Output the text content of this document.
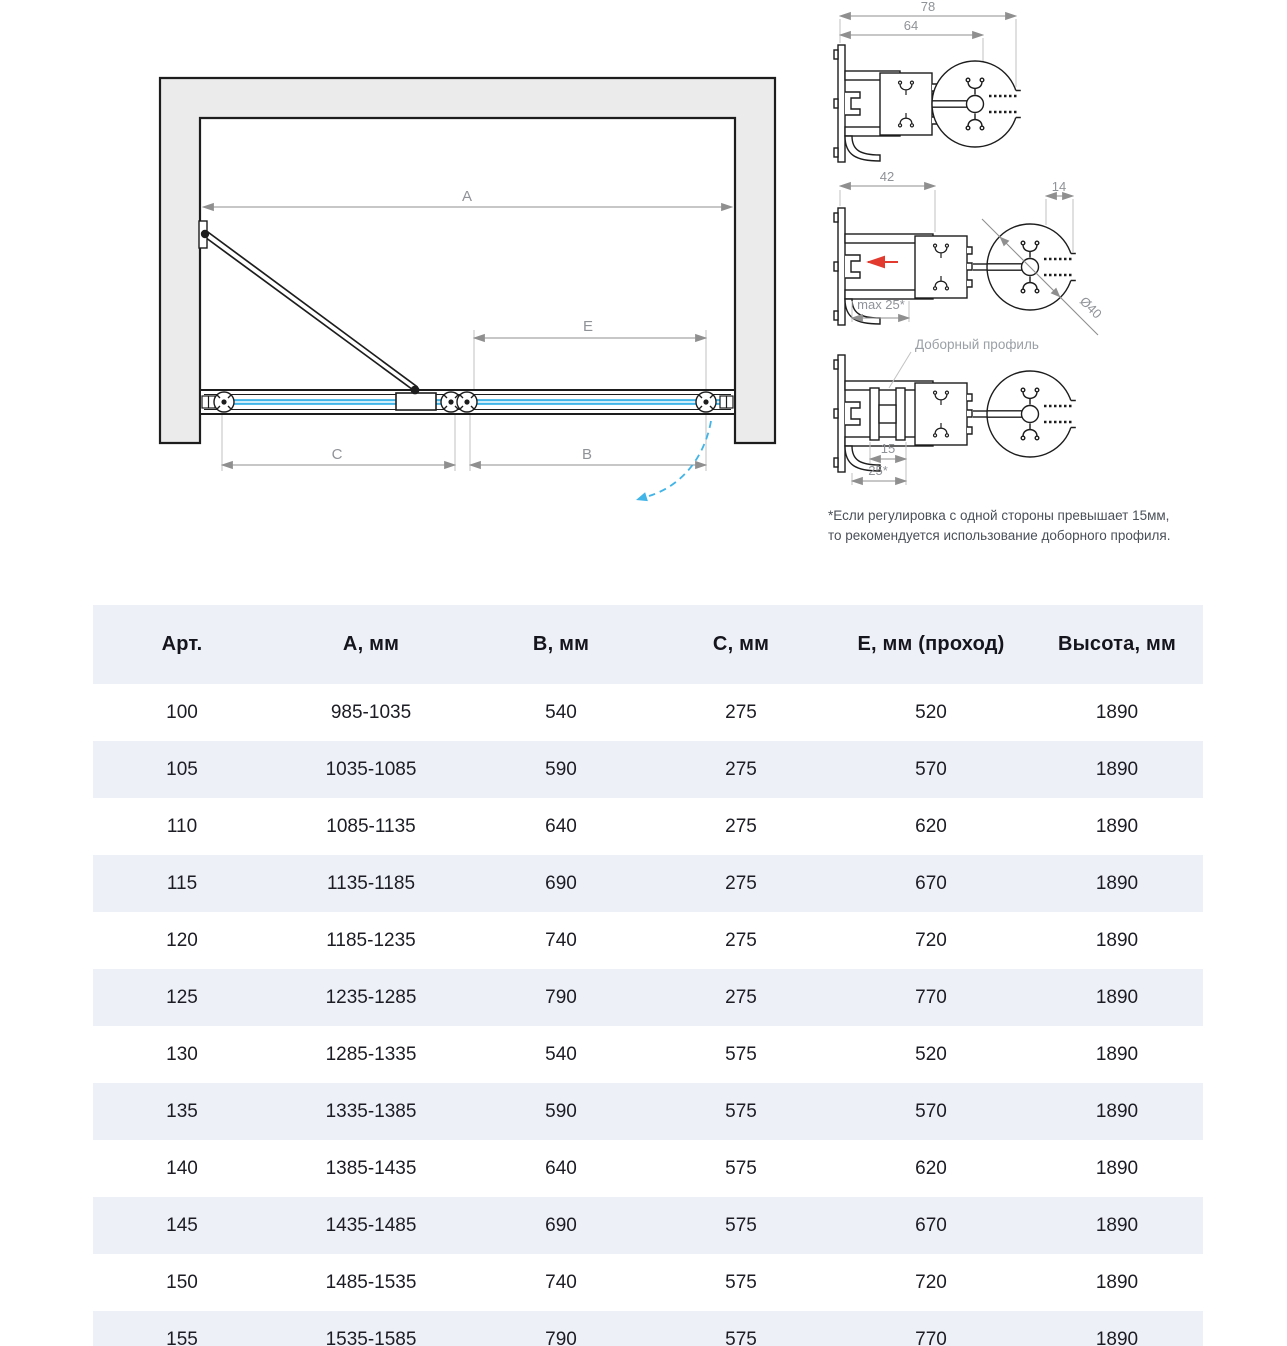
A
E
C	B
78
64
42
14
max 25*	Ø40
Доборный профиль
15
25*
*Если регулировка с одной стороны превышает 15мм,
то рекомендуется использование доборного профиля.
Арт.	А, мм	В, мм	С, мм	Е, мм (проход)	Высота, мм
100	985-1035	540	275	520	1890
105	1035-1085	590	275	570	1890
110	1085-1135	640	275	620	1890
115	1135-1185	690	275	670	1890
120	1185-1235	740	275	720	1890
125	1235-1285	790	275	770	1890
130	1285-1335	540	575	520	1890
135	1335-1385	590	575	570	1890
140	1385-1435	640	575	620	1890
145	1435-1485	690	575	670	1890
150	1485-1535	740	575	720	1890
155	1535-1585	790	575	770	1890
